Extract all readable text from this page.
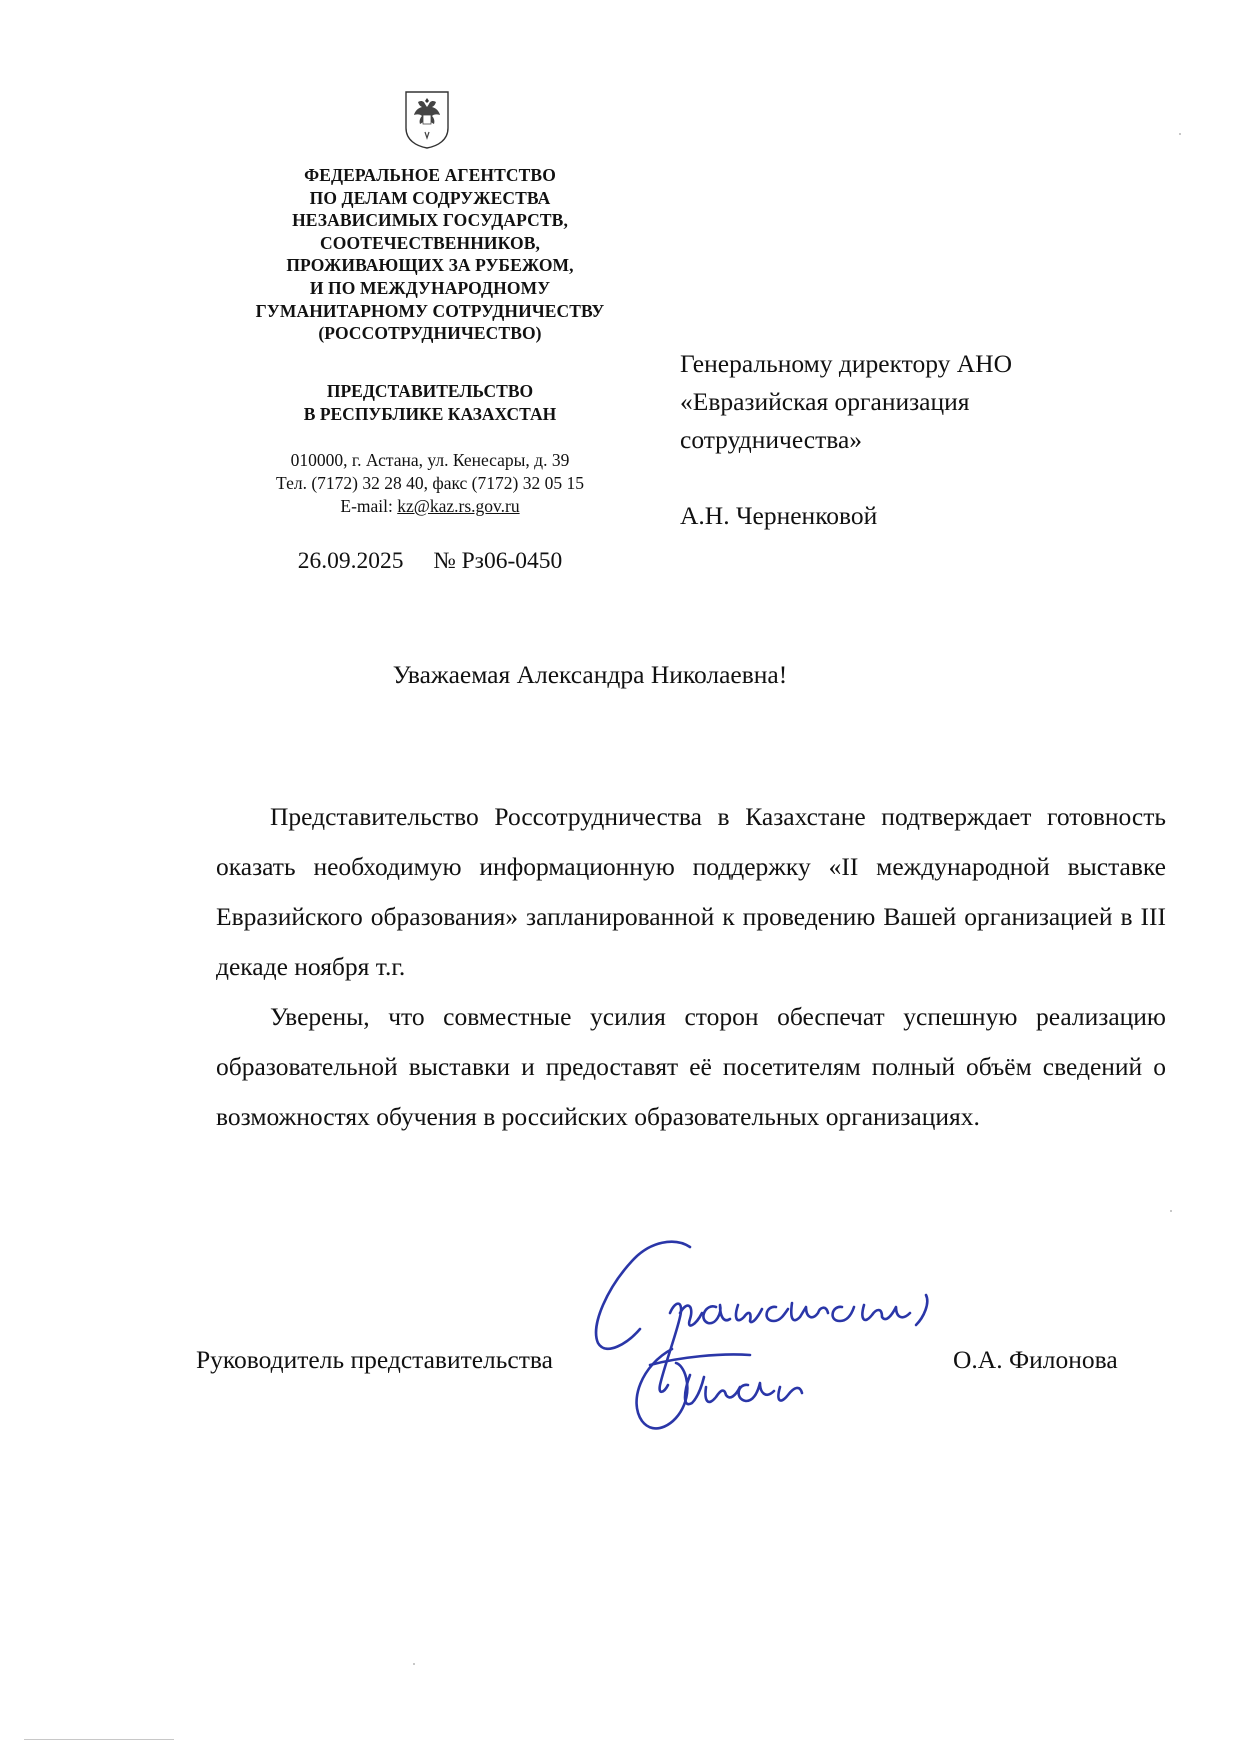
ФЕДЕРАЛЬНОЕ АГЕНТСТВО
ПО ДЕЛАМ СОДРУЖЕСТВА
НЕЗАВИСИМЫХ ГОСУДАРСТВ,
СООТЕЧЕСТВЕННИКОВ,
ПРОЖИВАЮЩИХ ЗА РУБЕЖОМ,
И ПО МЕЖДУНАРОДНОМУ
ГУМАНИТАРНОМУ СОТРУДНИЧЕСТВУ
(РОССОТРУДНИЧЕСТВО)
ПРЕДСТАВИТЕЛЬСТВО
В РЕСПУБЛИКЕ КАЗАХСТАН
010000, г. Астана, ул. Кенесары, д. 39
Тел. (7172) 32 28 40, факс (7172) 32 05 15
E-mail: kz@kaz.rs.gov.ru
26.09.2025 № Рз06-0450
Генеральному директору АНО
«Евразийская организация
сотрудничества»
А.Н. Черненковой
Уважаемая Александра Николаевна!

Представительство Россотрудничества в Казахстане подтверждает готовность оказать необходимую информационную поддержку «II международной выставке Евразийского образования» запланированной к проведению Вашей организацией в III декаде ноября т.г.

Уверены, что совместные усилия сторон обеспечат успешную реализацию образовательной выставки и предоставят её посетителям полный объём сведений о возможностях обучения в российских образовательных организациях.

Руководитель представительства	О.А. Филонова
